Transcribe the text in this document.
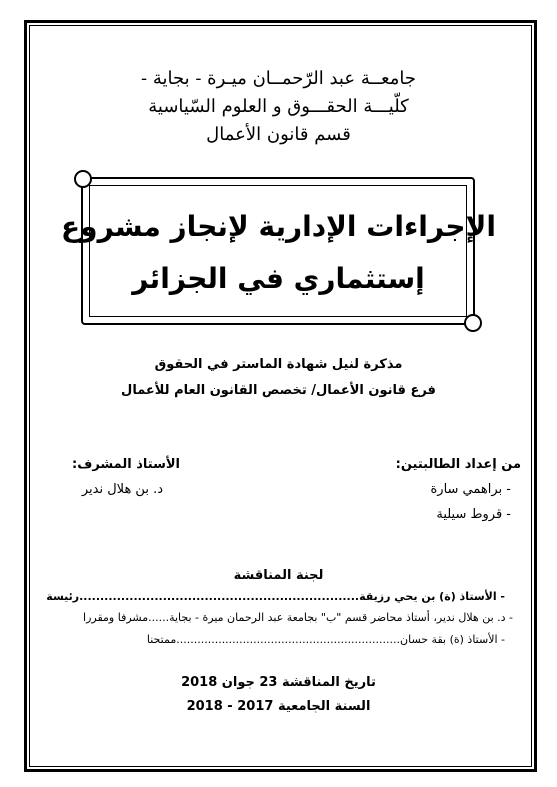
جامعــة عبد الرّحمــان ميـرة - بجاية -
كلّيـــة الحقـــوق و العلوم السّياسية
قسم قانون الأعمال
الإجراءات الإدارية لإنجاز مشروع
إستثماري في الجزائر
مذكرة لنيل شهادة الماستر في الحقوق
فرع قانون الأعمال/ تخصص القانون العام للأعمال
من إعداد الطالبتين:
- براهمي سارة
- قروط سيلية
الأستاذ المشرف:
د. بن هلال ندير
لجنة المناقشة
- الأستاذ (ة) بن يحي رزيقة...................................................................رئيسة
- د. بن هلال ندير، أستاذ محاضر قسم "ب" بجامعة عبد الرحمان ميرة - بجاية......مشرفا ومقررا
- الأستاذ (ة) بقة حسان................................................................ممتحنا
تاريخ المناقشة 23 جوان 2018
السنة الجامعية 2017 - 2018
